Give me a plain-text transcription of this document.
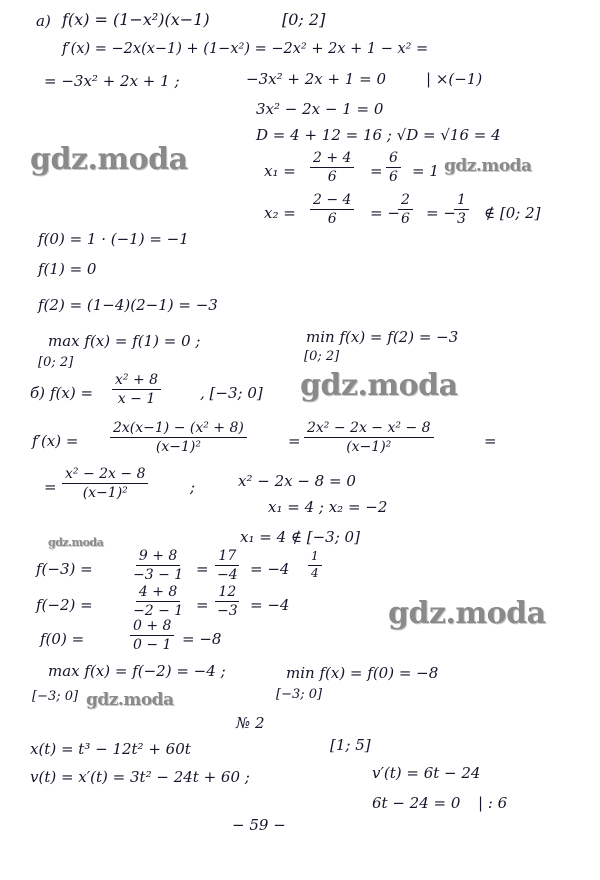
а) f(x) = (1−x²)(x−1)	[0; 2]
f′(x) = −2x(x−1) + (1−x²) = −2x² + 2x + 1 − x² =
= −3x² + 2x + 1 ;	−3x² + 2x + 1 = 0	| ×(−1)
3x² − 2x − 1 = 0
D = 4 + 12 = 16 ; √D = √16 = 4
gdz.moda	$x_1 = \frac{2 + 4}{6} = \frac{6}{6} = 1$ gdz.moda
$x_2 = \frac{2 - 4}{6}$ = −
$\frac{2}{6}$ = −
$\frac{1}{3}$ ∉ [0; 2]
f(0) = 1 · (−1) = −1
f(1) = 0
f(2) = (1−4)(2−1) = −3
max f(x) = f(1) = 0 ;
[0; 2]
min f(x) = f(2) = −3
[0; 2]
б) $f(x) = \frac{\text{x² + 8}}{x - 1}$	, [−3; 0] gdz.moda
$f'(x) = \frac{\text{2x(x−1) − (x² + 8)}}{\text{(x−1)²}}$	= $\frac{\text{2x² − 2x − x² − 8}}{\text{(x−1)²}}$	=
= $\frac{\text{x² − 2x − 8}}{\text{(x−1)²}}$	;	x² − 2x − 8 = 0
x₁ = 4 ; x₂ = −2
gdz.moda	x₁ = 4 ∉ [−3; 0]
f(−3) =	$\frac{9 + 8}{-3 - 1} = \frac{17}{-4} = -4 \frac{1}{4}$
f(−2) =	$\frac{4 + 8}{-2 - 1} = \frac{12}{-3} = -4$	gdz.moda
f(0) =	$\frac{0 + 8}{0 - 1} = -8$
max f(x) = f(−2) = −4 ;	min f(x) = f(0) = −8
[−3; 0] gdz.moda	[−3; 0]
№ 2
x(t) = t³ − 12t² + 60t	[1; 5]
v(t) = x′(t) = 3t² − 24t + 60 ;	v′(t) = 6t − 24
6t − 24 = 0 | : 6
− 59 −
